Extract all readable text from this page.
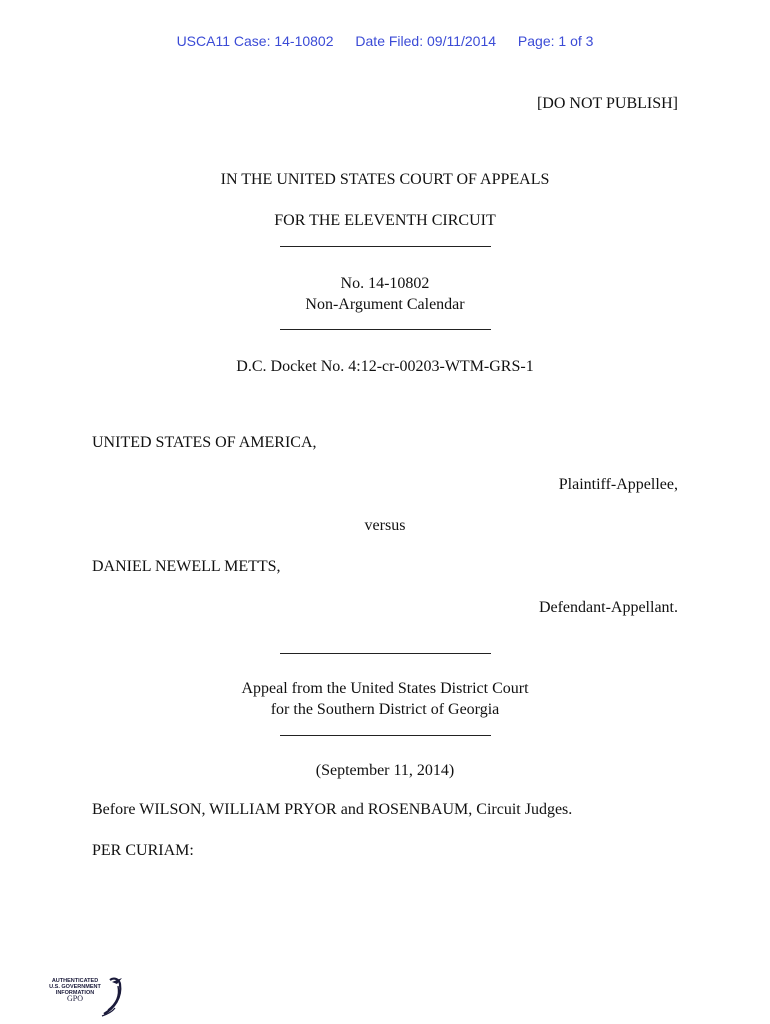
USCA11 Case: 14-10802 Date Filed: 09/11/2014 Page: 1 of 3
[DO NOT PUBLISH]
IN THE UNITED STATES COURT OF APPEALS
FOR THE ELEVENTH CIRCUIT
No. 14-10802
Non-Argument Calendar
D.C. Docket No. 4:12-cr-00203-WTM-GRS-1
UNITED STATES OF AMERICA,
Plaintiff-Appellee,
versus
DANIEL NEWELL METTS,
Defendant-Appellant.
Appeal from the United States District Court
for the Southern District of Georgia
(September 11, 2014)
Before WILSON, WILLIAM PRYOR and ROSENBAUM, Circuit Judges.
PER CURIAM:
AUTHENTICATED
U.S. GOVERNMENT
INFORMATION
GPO
